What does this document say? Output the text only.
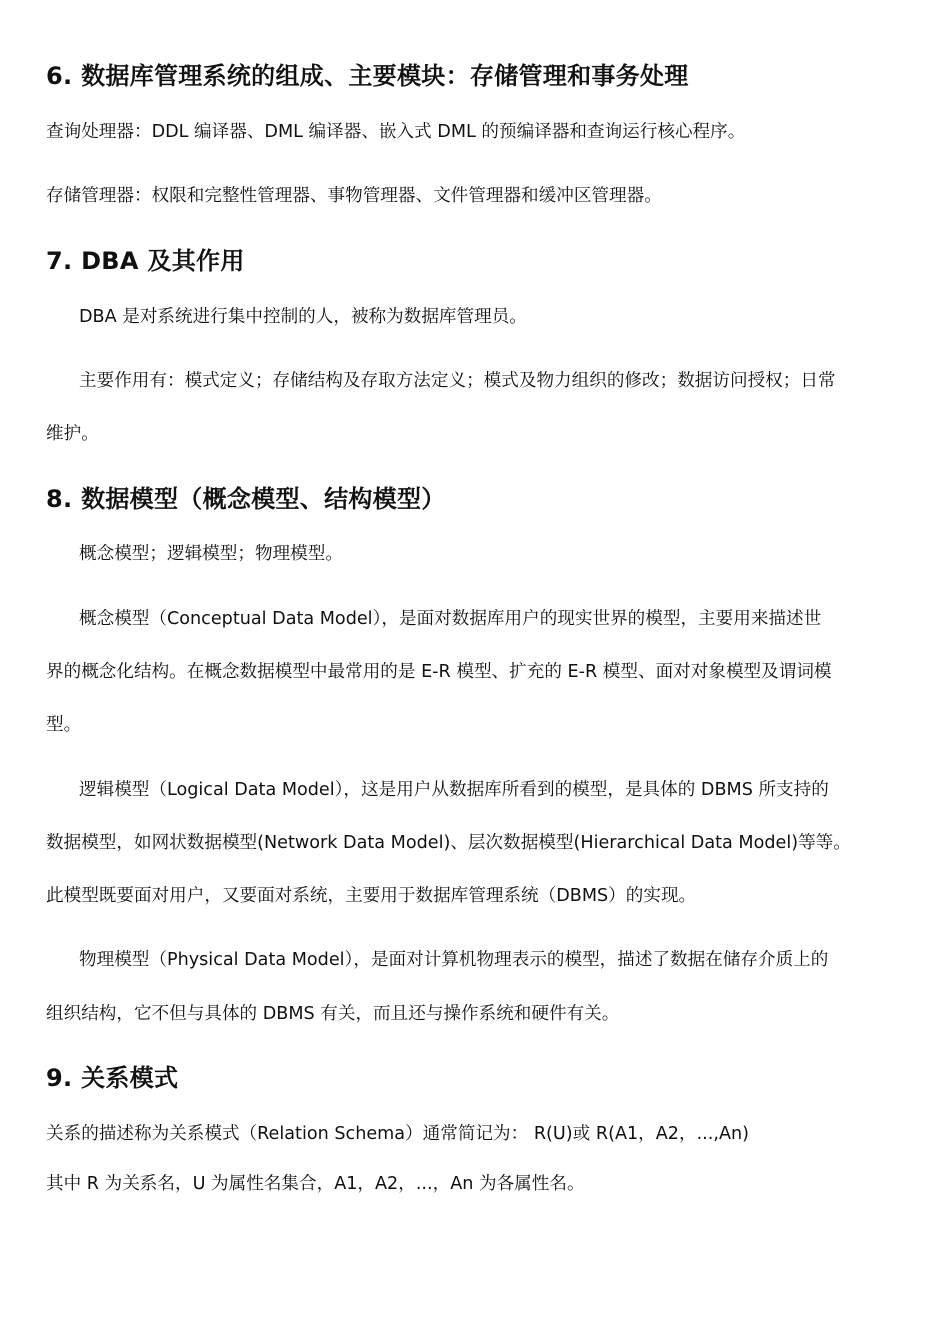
6. 数据库管理系统的组成、主要模块：存储管理和事务处理
查询处理器：DDL 编译器、DML 编译器、嵌入式 DML 的预编译器和查询运行核心程序。
存储管理器：权限和完整性管理器、事物管理器、文件管理器和缓冲区管理器。
7. DBA 及其作用
DBA 是对系统进行集中控制的人，被称为数据库管理员。
主要作用有：模式定义；存储结构及存取方法定义；模式及物力组织的修改；数据访问授权；日常
维护。
8. 数据模型（概念模型、结构模型）
概念模型；逻辑模型；物理模型。
概念模型（Conceptual Data Model），是面对数据库用户的现实世界的模型，主要用来描述世
界的概念化结构。在概念数据模型中最常用的是 E-R 模型、扩充的 E-R 模型、面对对象模型及谓词模
型。
逻辑模型（Logical Data Model），这是用户从数据库所看到的模型，是具体的 DBMS 所支持的
数据模型，如网状数据模型(Network Data Model)、层次数据模型(Hierarchical Data Model)等等。
此模型既要面对用户，又要面对系统，主要用于数据库管理系统（DBMS）的实现。
物理模型（Physical Data Model），是面对计算机物理表示的模型，描述了数据在储存介质上的
组织结构，它不但与具体的 DBMS 有关，而且还与操作系统和硬件有关。
9. 关系模式
关系的描述称为关系模式（Relation Schema）通常简记为： R(U)或 R(A1，A2，...,An)
其中 R 为关系名，U 为属性名集合，A1，A2，...，An 为各属性名。
